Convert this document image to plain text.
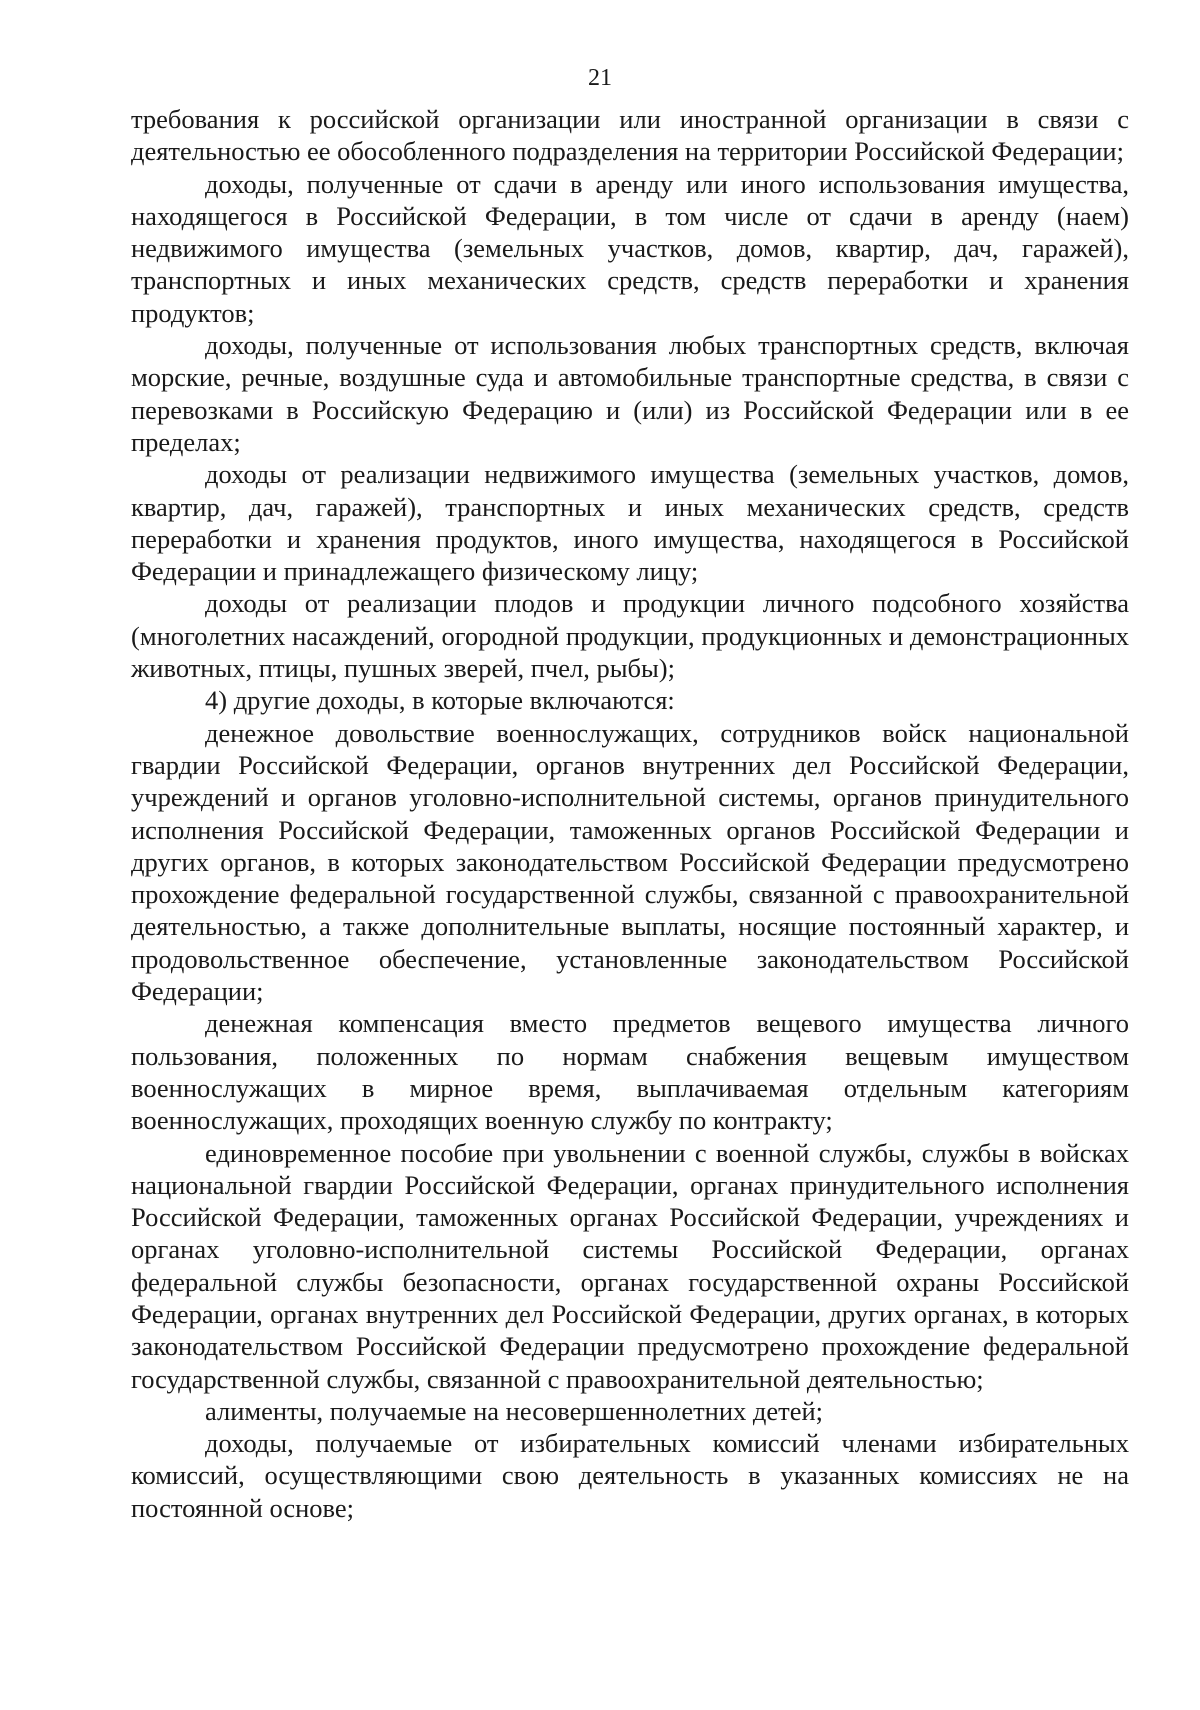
21

требования к российской организации или иностранной организации в связи с деятельностью ее обособленного подразделения на территории Российской Федерации;

доходы, полученные от сдачи в аренду или иного использования имущества, находящегося в Российской Федерации, в том числе от сдачи в аренду (наем) недвижимого имущества (земельных участков, домов, квартир, дач, гаражей), транспортных и иных механических средств, средств переработки и хранения продуктов;

доходы, полученные от использования любых транспортных средств, включая морские, речные, воздушные суда и автомобильные транспортные средства, в связи с перевозками в Российскую Федерацию и (или) из Российской Федерации или в ее пределах;

доходы от реализации недвижимого имущества (земельных участков, домов, квартир, дач, гаражей), транспортных и иных механических средств, средств переработки и хранения продуктов, иного имущества, находящегося в Российской Федерации и принадлежащего физическому лицу;

доходы от реализации плодов и продукции личного подсобного хозяйства (многолетних насаждений, огородной продукции, продукционных и демонстрационных животных, птицы, пушных зверей, пчел, рыбы);

4) другие доходы, в которые включаются:

денежное довольствие военнослужащих, сотрудников войск национальной гвардии Российской Федерации, органов внутренних дел Российской Федерации, учреждений и органов уголовно-исполнительной системы, органов принудительного исполнения Российской Федерации, таможенных органов Российской Федерации и других органов, в которых законодательством Российской Федерации предусмотрено прохождение федеральной государственной службы, связанной с правоохранительной деятельностью, а также дополнительные выплаты, носящие постоянный характер, и продовольственное обеспечение, установленные законодательством Российской Федерации;

денежная компенсация вместо предметов вещевого имущества личного пользования, положенных по нормам снабжения вещевым имуществом военнослужащих в мирное время, выплачиваемая отдельным категориям военнослужащих, проходящих военную службу по контракту;

единовременное пособие при увольнении с военной службы, службы в войсках национальной гвардии Российской Федерации, органах принудительного исполнения Российской Федерации, таможенных органах Российской Федерации, учреждениях и органах уголовно-исполнительной системы Российской Федерации, органах федеральной службы безопасности, органах государственной охраны Российской Федерации, органах внутренних дел Российской Федерации, других органах, в которых законодательством Российской Федерации предусмотрено прохождение федеральной государственной службы, связанной с правоохранительной деятельностью;

алименты, получаемые на несовершеннолетних детей;

доходы, получаемые от избирательных комиссий членами избирательных комиссий, осуществляющими свою деятельность в указанных комиссиях не на постоянной основе;
